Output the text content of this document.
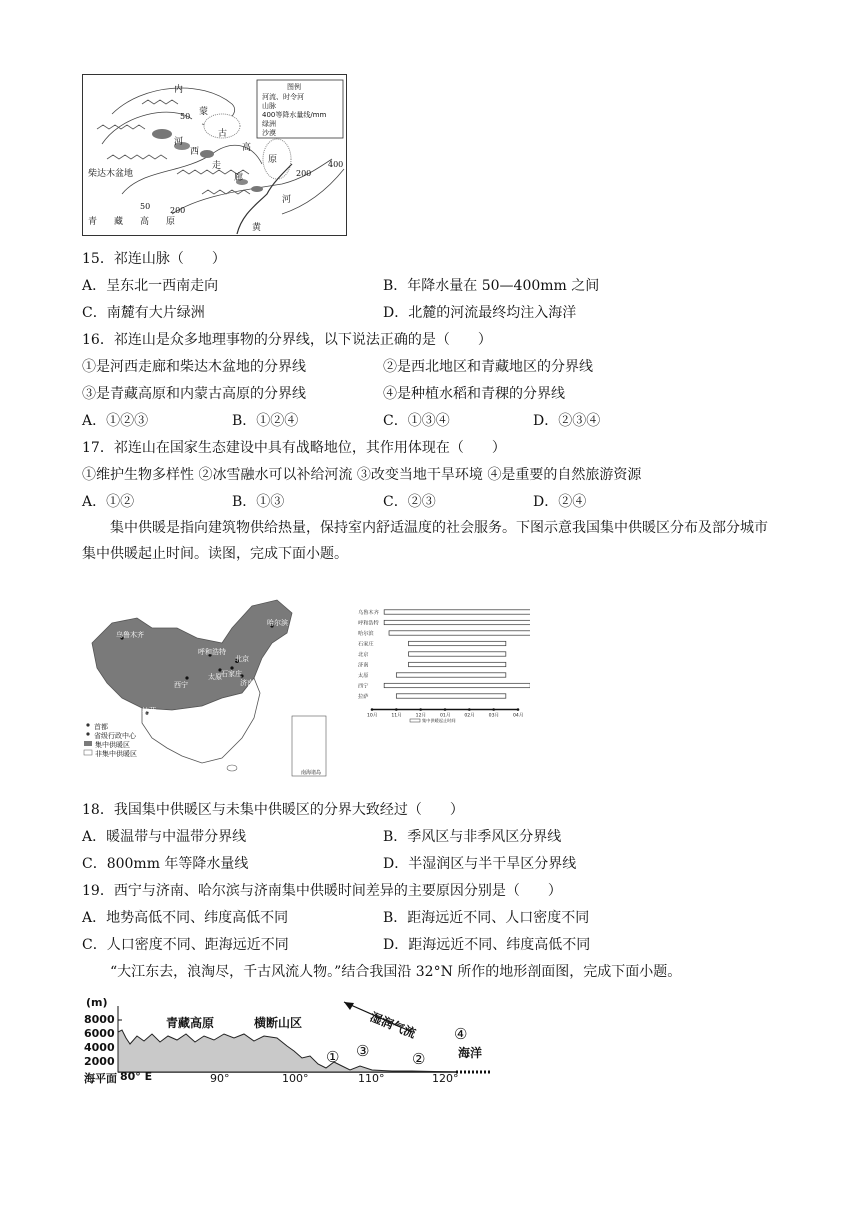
图例
河流、时令河
山脉
400等降水量线/mm
绿洲
沙漠
内
蒙
古
高
原
河
西
走
廊
柴达木盆地
青 藏 高 原
黄
河
50
200
400
50 200
15．祁连山脉（　　）
A．呈东北一西南走向	B．年降水量在 50—400mm 之间
C．南麓有大片绿洲	D．北麓的河流最终均注入海洋
16．祁连山是众多地理事物的分界线，以下说法正确的是（　　）
①是河西走廊和柴达木盆地的分界线	②是西北地区和青藏地区的分界线
③是青藏高原和内蒙古高原的分界线	④是种植水稻和青稞的分界线
A．①②③	B．①②④	C．①③④	D．②③④
17．祁连山在国家生态建设中具有战略地位，其作用体现在（　　）
①维护生物多样性 ②冰雪融水可以补给河流 ③改变当地干旱环境 ④是重要的自然旅游资源
A．①②	B．①③	C．②③	D．②④
集中供暖是指向建筑物供给热量，保持室内舒适温度的社会服务。下图示意我国集中供暖区分布及部分城市集中供暖起止时间。读图，完成下面小题。
乌鲁木齐
呼和浩特
哈尔滨
石家庄
北京
济南
太原
西宁
拉萨
首都
省级行政中心
集中供暖区
非集中供暖区
南海诸岛
乌鲁木齐
呼和浩特
哈尔滨
石家庄
北京
济南
太原
西宁
拉萨
10月	11月	12月	01月	02月	03月	04月
集中供暖起止时间
18．我国集中供暖区与未集中供暖区的分界大致经过（　　）
A．暖温带与中温带分界线	B．季风区与非季风区分界线
C．800mm 年等降水量线	D．半湿润区与半干旱区分界线
19．西宁与济南、哈尔滨与济南集中供暖时间差异的主要原因分别是（　　）
A．地势高低不同、纬度高低不同	B．距海远近不同、人口密度不同
C．人口密度不同、距海远近不同	D．距海远近不同、纬度高低不同
“大江东去，浪淘尽，千古风流人物。”结合我国沿 32°N 所作的地形剖面图，完成下面小题。
(m)
8000
6000
4000
2000
海平面 80° E	90°	100°	110°	120°
青藏高原	横断山区	湿润气流
海洋
①	②
③
④
